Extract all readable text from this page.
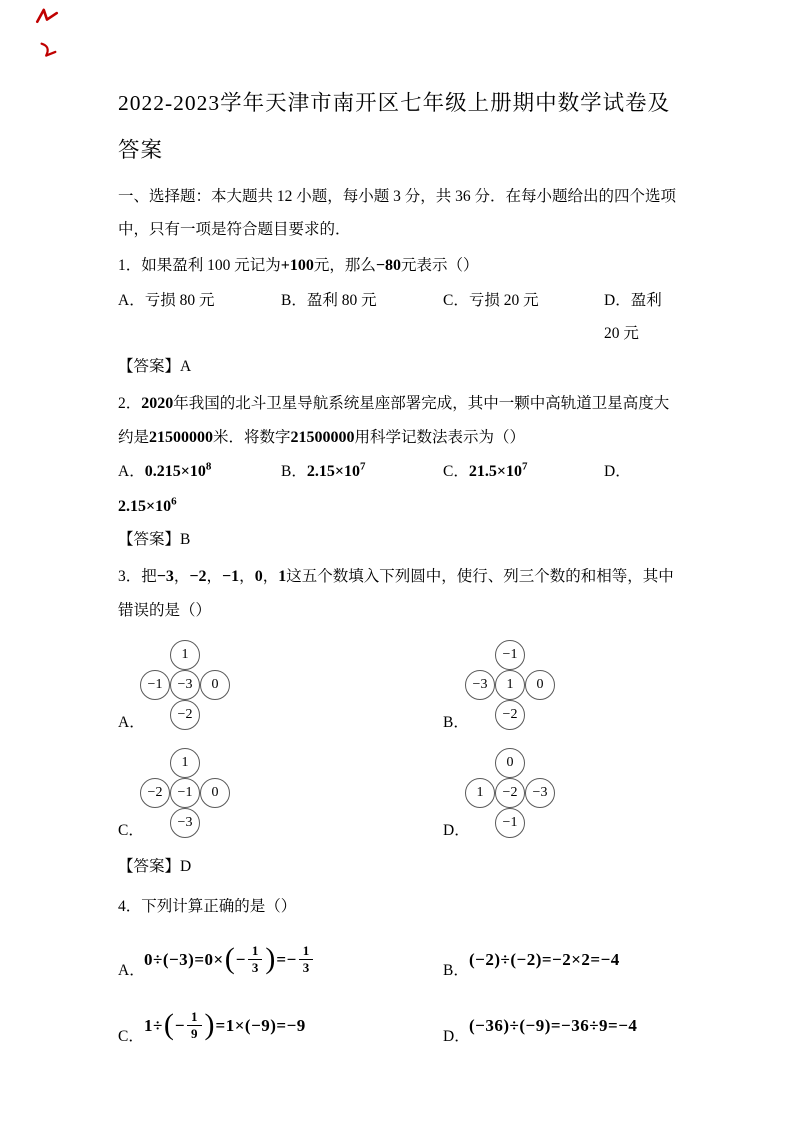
2022-2023学年天津市南开区七年级上册期中数学试卷及答案

一、选择题：本大题共 12 小题，每小题 3 分，共 36 分．在每小题给出的四个选项中，只有一项是符合题目要求的．

1．如果盈利 100 元记为+100元，那么−80元表示（）

A．亏损 80 元	B．盈利 80 元	C．亏损 20 元	D．盈利 20 元

【答案】A

2．2020年我国的北斗卫星导航系统星座部署完成，其中一颗中高轨道卫星高度大约是21500000米．将数字21500000用科学记数法表示为（）

A．$0.215\times 10^8$	B．$2.15\times 10^7$	C．$21.5\times 10^7$	D．

$2.15\times 10^6$

【答案】B

3．把−3，−2，−1，0，1这五个数填入下列圆中，使行、列三个数的和相等，其中错误的是（）

1
−1	−3	0
−2
A．
−1
−3	1	0
−2
B．
1
−2	−1	0
−3
C．
0
1	−2	−3
−1
D．

【答案】D

4．下列计算正确的是（）

A．
0÷(−3)=0× ( − $\frac{1}{3}$ ) =− $\frac{1}{3}$	B．
(−2)÷(−2)=−2×2=−4
C．
1÷ ( − $\frac{1}{9}$ ) =1×(−9)=−9
D．
(−36)÷(−9)=−36÷9=−4
